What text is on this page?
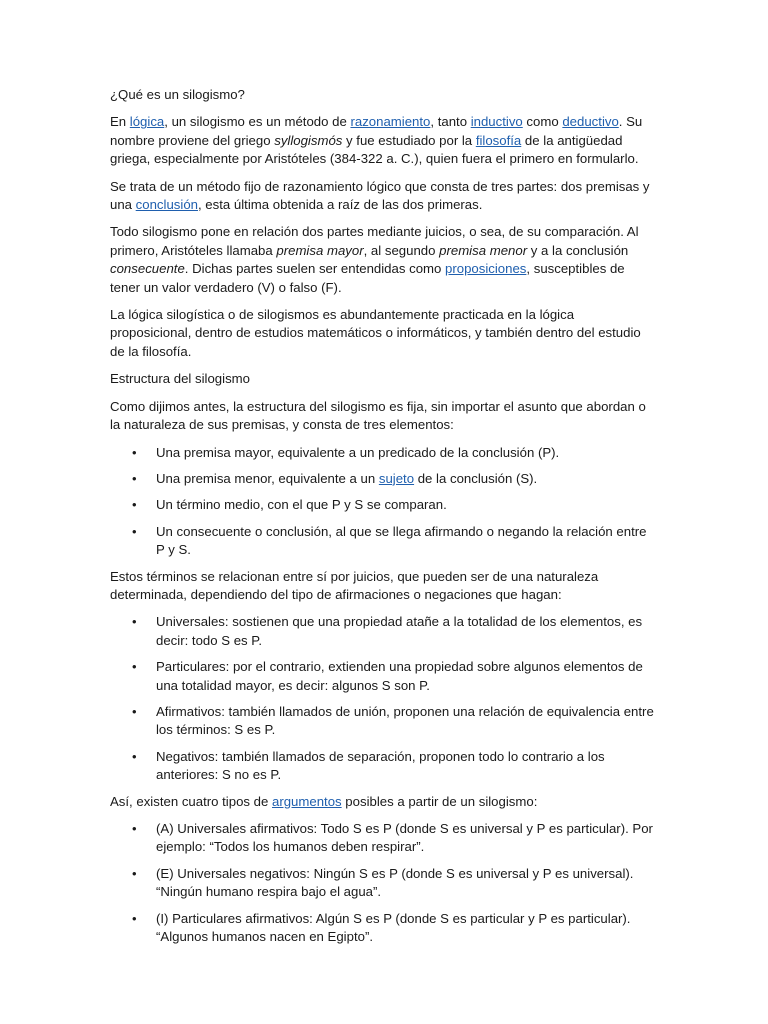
¿Qué es un silogismo?

En lógica, un silogismo es un método de razonamiento, tanto inductivo como deductivo. Su nombre proviene del griego syllogismós y fue estudiado por la filosofía de la antigüedad griega, especialmente por Aristóteles (384-322 a. C.), quien fuera el primero en formularlo.

Se trata de un método fijo de razonamiento lógico que consta de tres partes: dos premisas y una conclusión, esta última obtenida a raíz de las dos primeras.

Todo silogismo pone en relación dos partes mediante juicios, o sea, de su comparación. Al primero, Aristóteles llamaba premisa mayor, al segundo premisa menor y a la conclusión consecuente. Dichas partes suelen ser entendidas como proposiciones, susceptibles de tener un valor verdadero (V) o falso (F).

La lógica silogística o de silogismos es abundantemente practicada en la lógica proposicional, dentro de estudios matemáticos o informáticos, y también dentro del estudio de la filosofía.

Estructura del silogismo

Como dijimos antes, la estructura del silogismo es fija, sin importar el asunto que abordan o la naturaleza de sus premisas, y consta de tres elementos:

• Una premisa mayor, equivalente a un predicado de la conclusión (P).
• Una premisa menor, equivalente a un sujeto de la conclusión (S).
• Un término medio, con el que P y S se comparan.
• Un consecuente o conclusión, al que se llega afirmando o negando la relación entre P y S.

Estos términos se relacionan entre sí por juicios, que pueden ser de una naturaleza determinada, dependiendo del tipo de afirmaciones o negaciones que hagan:

• Universales: sostienen que una propiedad atañe a la totalidad de los elementos, es decir: todo S es P.
• Particulares: por el contrario, extienden una propiedad sobre algunos elementos de una totalidad mayor, es decir: algunos S son P.
• Afirmativos: también llamados de unión, proponen una relación de equivalencia entre los términos: S es P.
• Negativos: también llamados de separación, proponen todo lo contrario a los anteriores: S no es P.

Así, existen cuatro tipos de argumentos posibles a partir de un silogismo:

• (A) Universales afirmativos: Todo S es P (donde S es universal y P es particular). Por ejemplo: “Todos los humanos deben respirar”.
• (E) Universales negativos: Ningún S es P (donde S es universal y P es universal). “Ningún humano respira bajo el agua”.
• (I) Particulares afirmativos: Algún S es P (donde S es particular y P es particular). “Algunos humanos nacen en Egipto”.
